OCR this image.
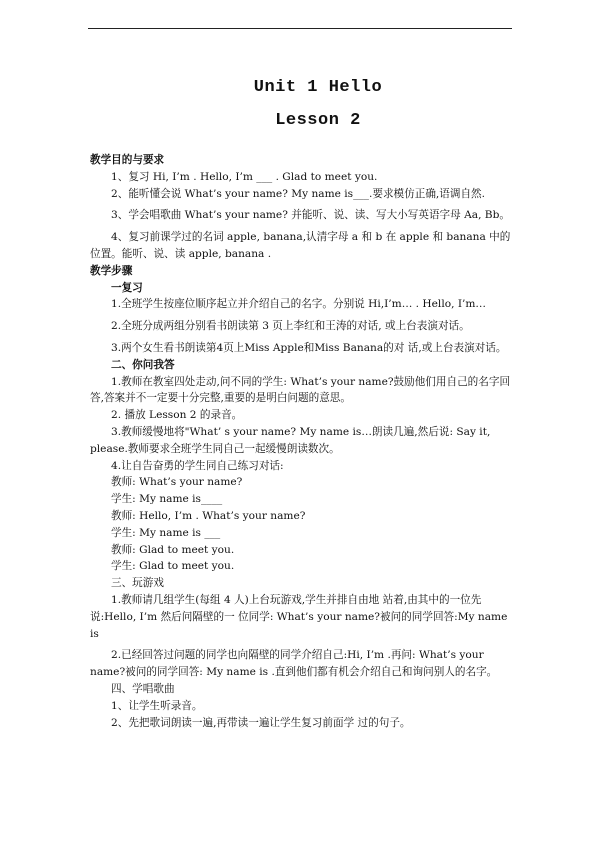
Unit 1 Hello
Lesson 2

教学目的与要求

1、复习 Hi, I’m . Hello, I’m ___ . Glad to meet you.

2、能听懂会说 What’s your name? My name is___.要求模仿正确,语调自然.

3、学会唱歌曲 What’s your name? 并能听、说、读、写大小写英语字母 Aa, Bb。

4、复习前课学过的名词 apple, banana,认清字母 a 和 b 在 apple 和 banana 中的位置。能听、说、读 apple, banana .

教学步骤

一复习

1.全班学生按座位顺序起立并介绍自己的名字。分别说 Hi,I’m… . Hello, I’m…

2.全班分成两组分别看书朗读第 3 页上李红和王涛的对话, 或上台表演对话。

3.两个女生看书朗读第4页上Miss Apple和Miss Banana的对 话,或上台表演对话。

二、你问我答

1.教师在教室四处走动,问不同的学生: What’s your name?鼓励他们用自己的名字回答,答案并不一定要十分完整,重要的是明白问题的意思。

2. 播放 Lesson 2 的录音。

3.教师缓慢地将"What’ s your name? My name is…朗读几遍,然后说: Say it, please.教师要求全班学生同自己一起缓慢朗读数次。

4.让自告奋勇的学生同自己练习对话:

教师: What’s your name?

学生: My name is____

教师: Hello, I’m . What’s your name?

学生: My name is ___

教师: Glad to meet you.

学生: Glad to meet you.

三、玩游戏

1.教师请几组学生(每组 4 人)上台玩游戏,学生并排自由地 站着,由其中的一位先说:Hello, I’m 然后问隔壁的一 位同学: What’s your name?被问的同学回答:My name is

2.已经回答过问题的同学也向隔壁的同学介绍自己:Hi, I’m .再问: What’s your name?被问的同学回答: My name is .直到他们都有机会介绍自己和询问别人的名字。

四、学唱歌曲

1、让学生听录音。

2、先把歌词朗读一遍,再带读一遍让学生复习前面学 过的句子。
